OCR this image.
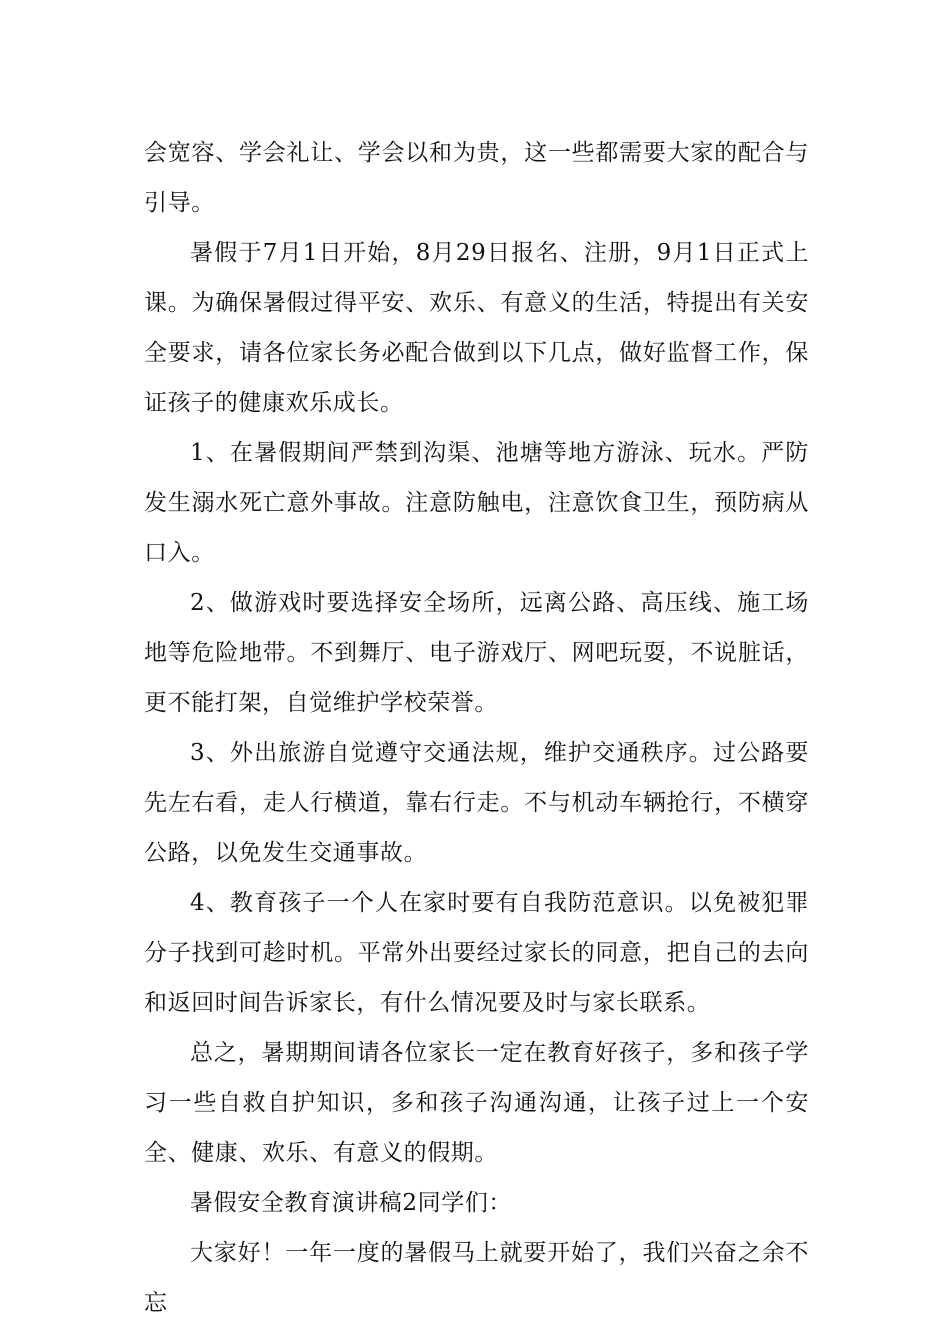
会宽容、学会礼让、学会以和为贵，这一些都需要大家的配合与引导。

暑假于7月1日开始，8月29日报名、注册，9月1日正式上课。为确保暑假过得平安、欢乐、有意义的生活，特提出有关安全要求，请各位家长务必配合做到以下几点，做好监督工作，保证孩子的健康欢乐成长。

1、在暑假期间严禁到沟渠、池塘等地方游泳、玩水。严防发生溺水死亡意外事故。注意防触电，注意饮食卫生，预防病从口入。

2、做游戏时要选择安全场所，远离公路、高压线、施工场地等危险地带。不到舞厅、电子游戏厅、网吧玩耍，不说脏话，更不能打架，自觉维护学校荣誉。

3、外出旅游自觉遵守交通法规，维护交通秩序。过公路要先左右看，走人行横道，靠右行走。不与机动车辆抢行，不横穿公路，以免发生交通事故。

4、教育孩子一个人在家时要有自我防范意识。以免被犯罪分子找到可趁时机。平常外出要经过家长的同意，把自己的去向和返回时间告诉家长，有什么情况要及时与家长联系。

总之，暑期期间请各位家长一定在教育好孩子，多和孩子学习一些自救自护知识，多和孩子沟通沟通，让孩子过上一个安全、健康、欢乐、有意义的假期。

暑假安全教育演讲稿2同学们：

大家好！一年一度的暑假马上就要开始了，我们兴奋之余不忘
